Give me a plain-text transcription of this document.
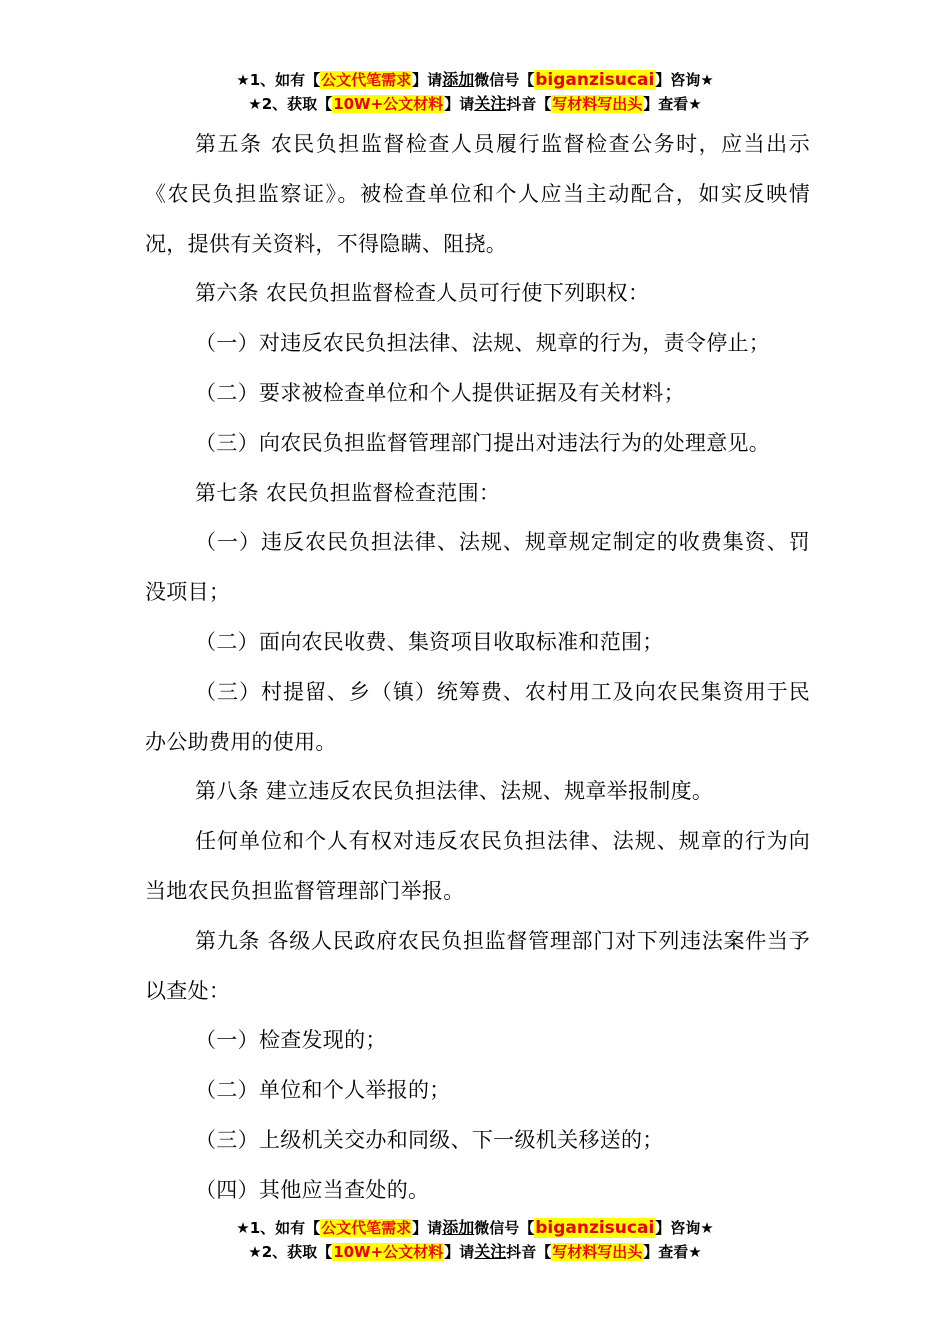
★1、如有【公文代笔需求】请添加微信号【biganzisucai】咨询★
★2、获取【10W+公文材料】请关注抖音【写材料写出头】查看★

第五条 农民负担监督检查人员履行监督检查公务时，应当出示《农民负担监察证》。被检查单位和个人应当主动配合，如实反映情况，提供有关资料，不得隐瞒、阻挠。

第六条 农民负担监督检查人员可行使下列职权：

（一）对违反农民负担法律、法规、规章的行为，责令停止；

（二）要求被检查单位和个人提供证据及有关材料；

（三）向农民负担监督管理部门提出对违法行为的处理意见。

第七条 农民负担监督检查范围：

（一）违反农民负担法律、法规、规章规定制定的收费集资、罚没项目；

（二）面向农民收费、集资项目收取标准和范围；

（三）村提留、乡（镇）统筹费、农村用工及向农民集资用于民办公助费用的使用。

第八条 建立违反农民负担法律、法规、规章举报制度。

任何单位和个人有权对违反农民负担法律、法规、规章的行为向当地农民负担监督管理部门举报。

第九条 各级人民政府农民负担监督管理部门对下列违法案件当予以查处：

（一）检查发现的；

（二）单位和个人举报的；

（三）上级机关交办和同级、下一级机关移送的；

（四）其他应当查处的。

★1、如有【公文代笔需求】请添加微信号【biganzisucai】咨询★
★2、获取【10W+公文材料】请关注抖音【写材料写出头】查看★
